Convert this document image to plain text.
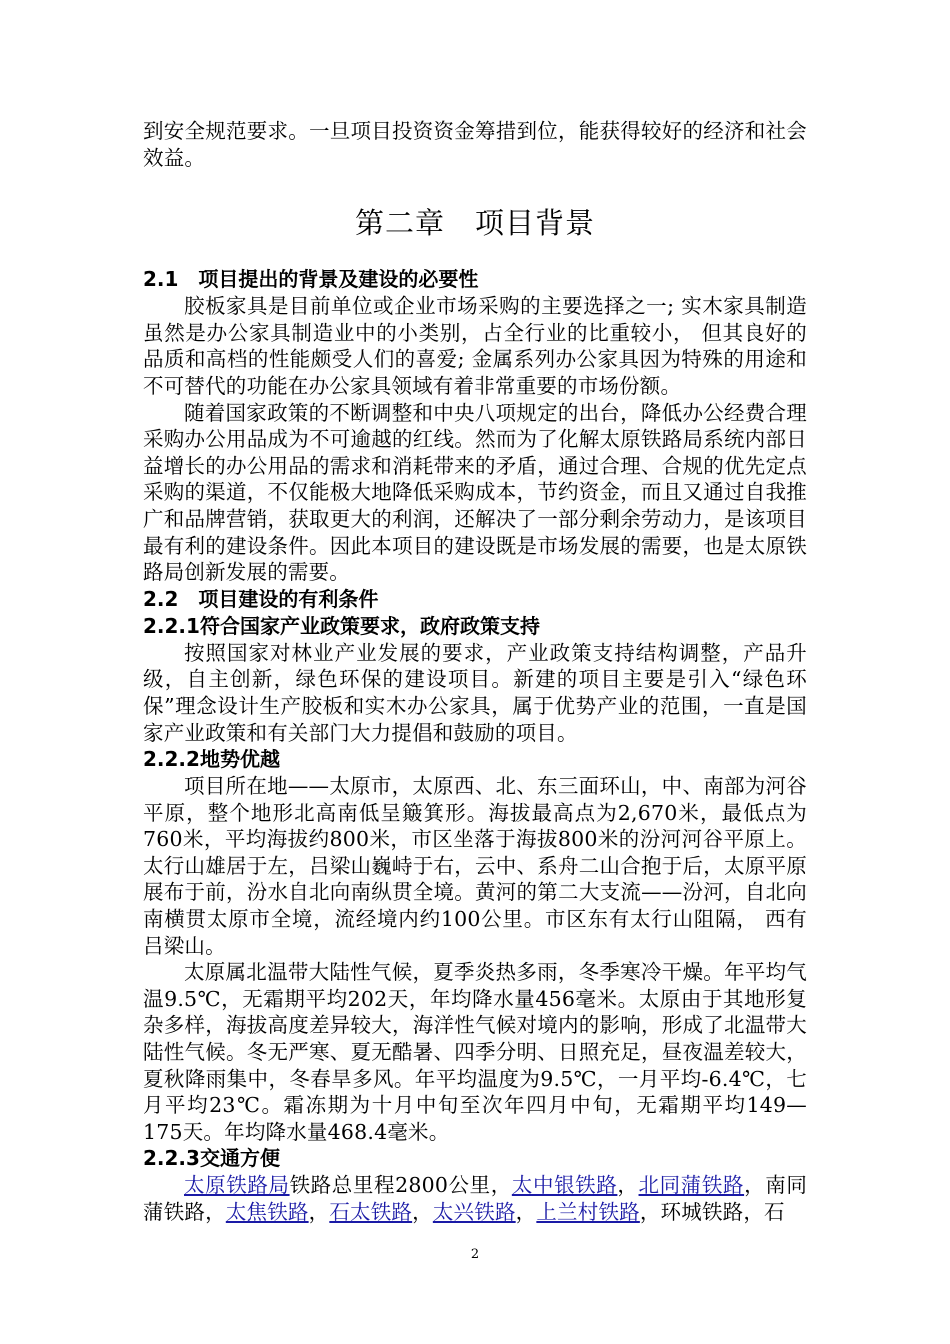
到安全规范要求。一旦项目投资资金筹措到位，能获得较好的经济和社会效益。

第二章　项目背景

2.1　项目提出的背景及建设的必要性

胶板家具是目前单位或企业市场采购的主要选择之一; 实木家具制造虽然是办公家具制造业中的小类别，占全行业的比重较小， 但其良好的品质和高档的性能颇受人们的喜爱; 金属系列办公家具因为特殊的用途和不可替代的功能在办公家具领域有着非常重要的市场份额。

随着国家政策的不断调整和中央八项规定的出台，降低办公经费合理采购办公用品成为不可逾越的红线。然而为了化解太原铁路局系统内部日益增长的办公用品的需求和消耗带来的矛盾，通过合理、合规的优先定点采购的渠道，不仅能极大地降低采购成本，节约资金，而且又通过自我推广和品牌营销，获取更大的利润，还解决了一部分剩余劳动力，是该项目最有利的建设条件。因此本项目的建设既是市场发展的需要，也是太原铁路局创新发展的需要。

2.2　项目建设的有利条件

2.2.1符合国家产业政策要求，政府政策支持

按照国家对林业产业发展的要求，产业政策支持结构调整，产品升级，自主创新，绿色环保的建设项目。新建的项目主要是引入“绿色环保”理念设计生产胶板和实木办公家具，属于优势产业的范围，一直是国家产业政策和有关部门大力提倡和鼓励的项目。

2.2.2地势优越

项目所在地——太原市，太原西、北、东三面环山，中、南部为河谷平原，整个地形北高南低呈簸箕形。海拔最高点为2,670米，最低点为760米，平均海拔约800米，市区坐落于海拔800米的汾河河谷平原上。太行山雄居于左，吕梁山巍峙于右，云中、系舟二山合抱于后，太原平原展布于前，汾水自北向南纵贯全境。黄河的第二大支流——汾河，自北向南横贯太原市全境，流经境内约100公里。市区东有太行山阻隔， 西有吕梁山。

太原属北温带大陆性气候，夏季炎热多雨，冬季寒冷干燥。年平均气温9.5℃，无霜期平均202天，年均降水量456毫米。太原由于其地形复杂多样，海拔高度差异较大，海洋性气候对境内的影响，形成了北温带大陆性气候。冬无严寒、夏无酷暑、四季分明、日照充足，昼夜温差较大，夏秋降雨集中，冬春旱多风。年平均温度为9.5℃，一月平均-6.4℃，七月平均23℃。霜冻期为十月中旬至次年四月中旬，无霜期平均149—175天。年均降水量468.4毫米。

2.2.3交通方便

太原铁路局铁路总里程2800公里，太中银铁路，北同蒲铁路，南同蒲铁路，太焦铁路，石太铁路，太兴铁路，上兰村铁路，环城铁路，石

2
